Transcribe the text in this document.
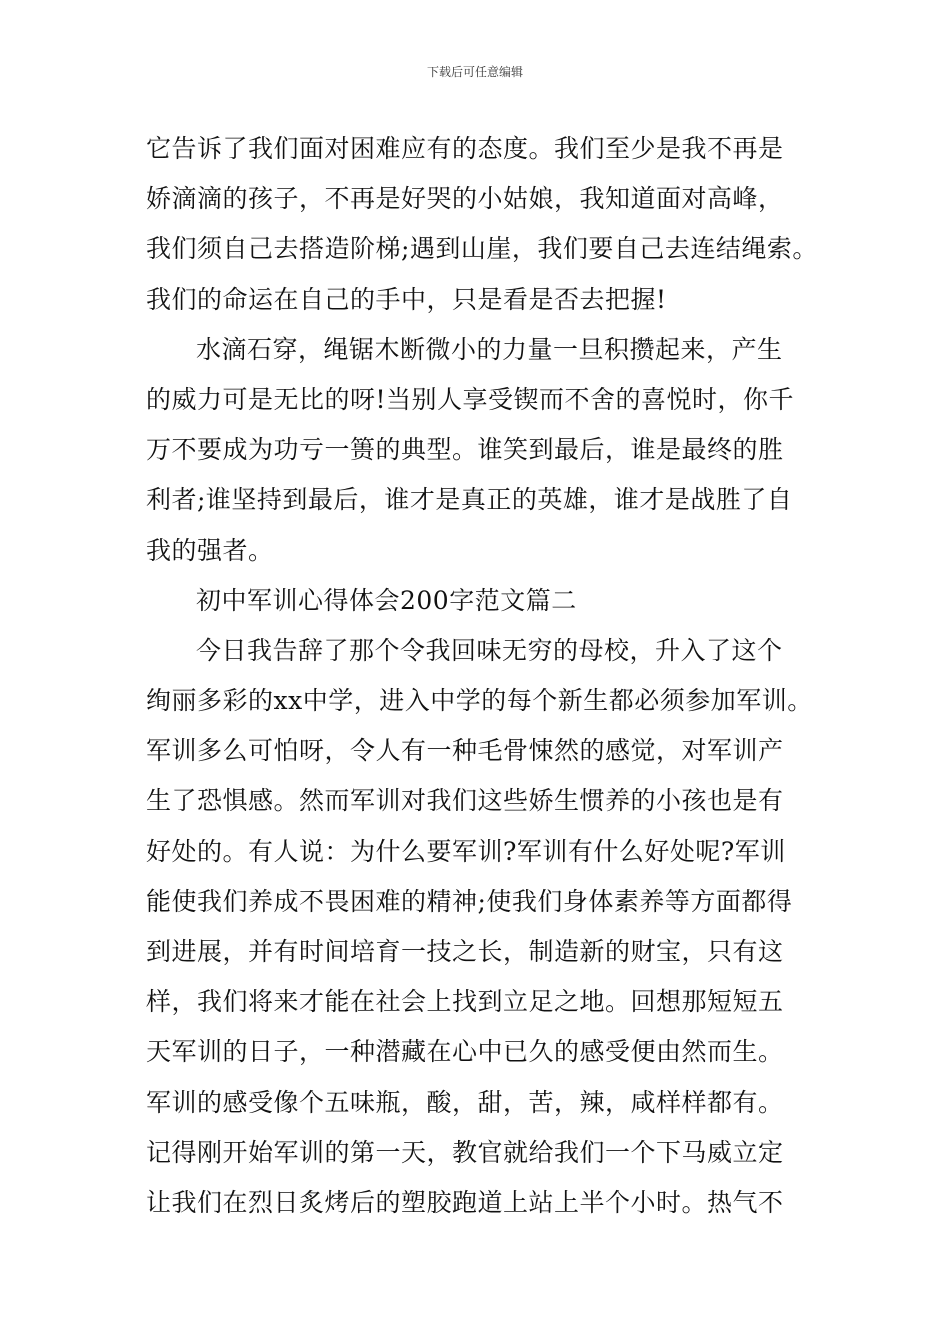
下载后可任意编辑
它告诉了我们面对困难应有的态度。我们至少是我不再是
娇滴滴的孩子，不再是好哭的小姑娘，我知道面对高峰，
我们须自己去搭造阶梯;遇到山崖，我们要自己去连结绳索。
我们的命运在自己的手中，只是看是否去把握!
水滴石穿，绳锯木断微小的力量一旦积攒起来，产生
的威力可是无比的呀!当别人享受锲而不舍的喜悦时，你千
万不要成为功亏一篑的典型。谁笑到最后，谁是最终的胜
利者;谁坚持到最后，谁才是真正的英雄，谁才是战胜了自
我的强者。
初中军训心得体会200字范文篇二
今日我告辞了那个令我回味无穷的母校，升入了这个
绚丽多彩的xx中学，进入中学的每个新生都必须参加军训。
军训多么可怕呀，令人有一种毛骨悚然的感觉，对军训产
生了恐惧感。然而军训对我们这些娇生惯养的小孩也是有
好处的。有人说：为什么要军训?军训有什么好处呢?军训
能使我们养成不畏困难的精神;使我们身体素养等方面都得
到进展，并有时间培育一技之长，制造新的财宝，只有这
样，我们将来才能在社会上找到立足之地。回想那短短五
天军训的日子，一种潜藏在心中已久的感受便由然而生。
军训的感受像个五味瓶，酸，甜，苦，辣，咸样样都有。
记得刚开始军训的第一天，教官就给我们一个下马威立定
让我们在烈日炙烤后的塑胶跑道上站上半个小时。热气不
